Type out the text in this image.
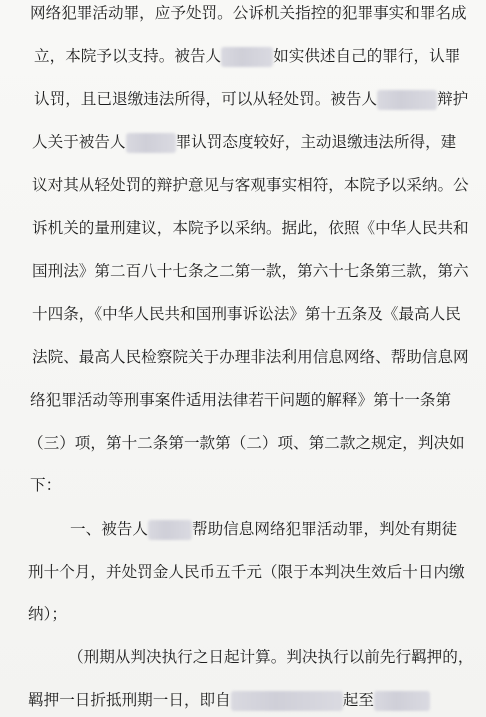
网络犯罪活动罪，应予处罚。公诉机关指控的犯罪事实和罪名成
立，本院予以支持。被告人	如实供述自己的罪行，认罪
认罚，且已退缴违法所得，可以从轻处罚。被告人	辩护
人关于被告人	罪认罚态度较好，主动退缴违法所得，建
议对其从轻处罚的辩护意见与客观事实相符，本院予以采纳。公
诉机关的量刑建议，本院予以采纳。据此，依照《中华人民共和
国刑法》第二百八十七条之二第一款，第六十七条第三款，第六
十四条，《中华人民共和国刑事诉讼法》第十五条及《最高人民
法院、最高人民检察院关于办理非法利用信息网络、帮助信息网
络犯罪活动等刑事案件适用法律若干问题的解释》第十一条第
（三）项，第十二条第一款第（二）项、第二款之规定，判决如
下：
一、被告人	帮助信息网络犯罪活动罪，判处有期徒
刑十个月，并处罚金人民币五千元（限于本判决生效后十日内缴
纳）；
（刑期从判决执行之日起计算。判决执行以前先行羁押的，
羁押一日折抵刑期一日，即自	起至
